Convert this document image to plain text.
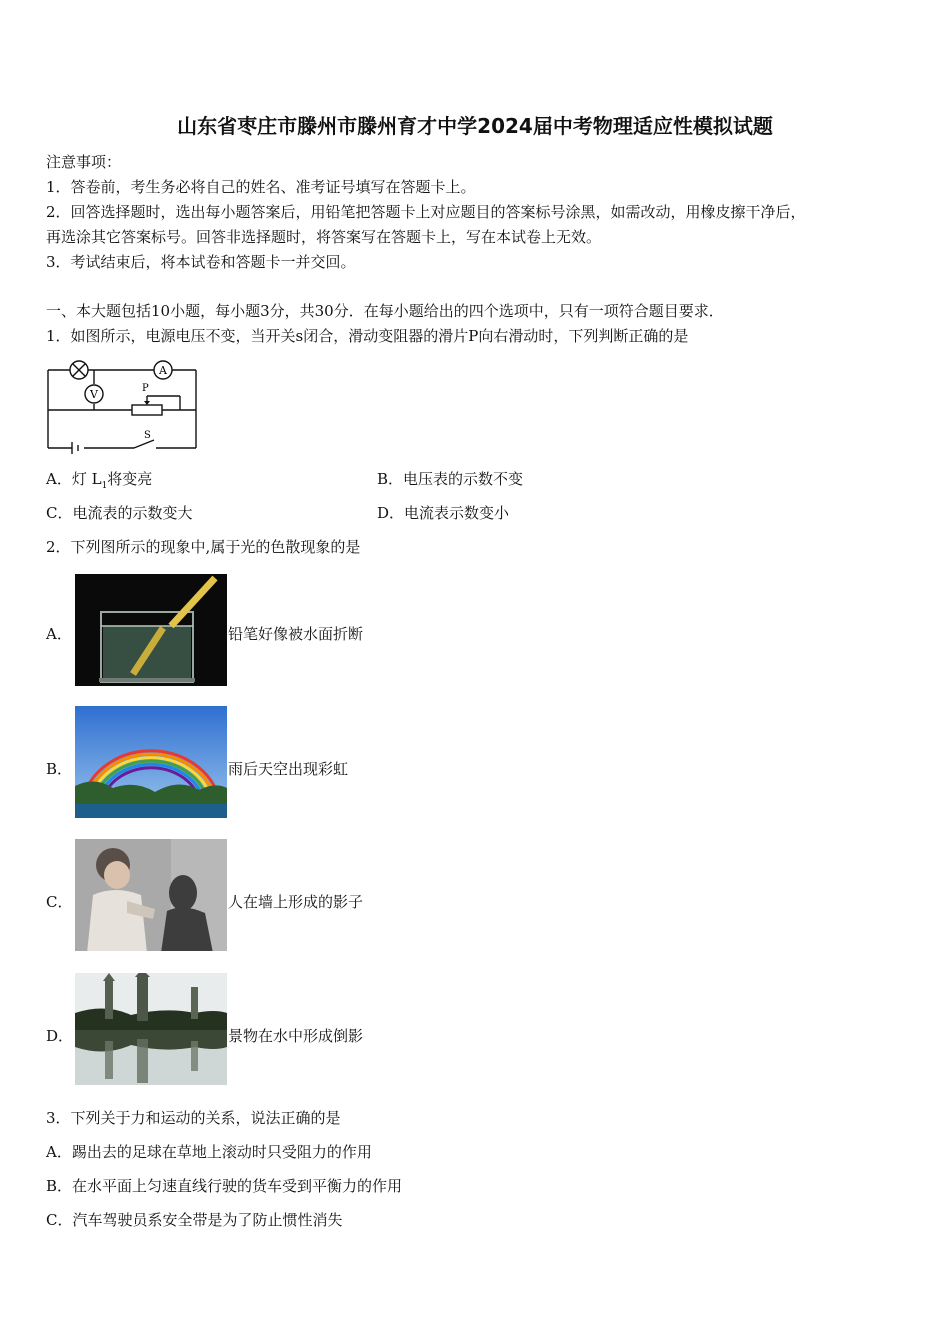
山东省枣庄市滕州市滕州育才中学2024届中考物理适应性模拟试题
注意事项：
1．答卷前，考生务必将自己的姓名、准考证号填写在答题卡上。
2．回答选择题时，选出每小题答案后，用铅笔把答题卡上对应题目的答案标号涂黑，如需改动，用橡皮擦干净后，
再选涂其它答案标号。回答非选择题时，将答案写在答题卡上，写在本试卷上无效。
3．考试结束后，将本试卷和答题卡一并交回。
一、本大题包括10小题，每小题3分，共30分．在每小题给出的四个选项中，只有一项符合题目要求．
1．如图所示，电源电压不变，当开关s闭合，滑动变阻器的滑片P向右滑动时，下列判断正确的是
V
A
P
S
A．灯 $L_1$将变亮	B．电压表的示数不变
C．电流表的示数变大	D．电流表示数变小
2．下列图所示的现象中,属于光的色散现象的是
A．	铅笔好像被水面折断
B．	雨后天空出现彩虹
C．	人在墙上形成的影子
D．	景物在水中形成倒影
3．下列关于力和运动的关系，说法正确的是
A．踢出去的足球在草地上滚动时只受阻力的作用
B．在水平面上匀速直线行驶的货车受到平衡力的作用
C．汽车驾驶员系安全带是为了防止惯性消失
